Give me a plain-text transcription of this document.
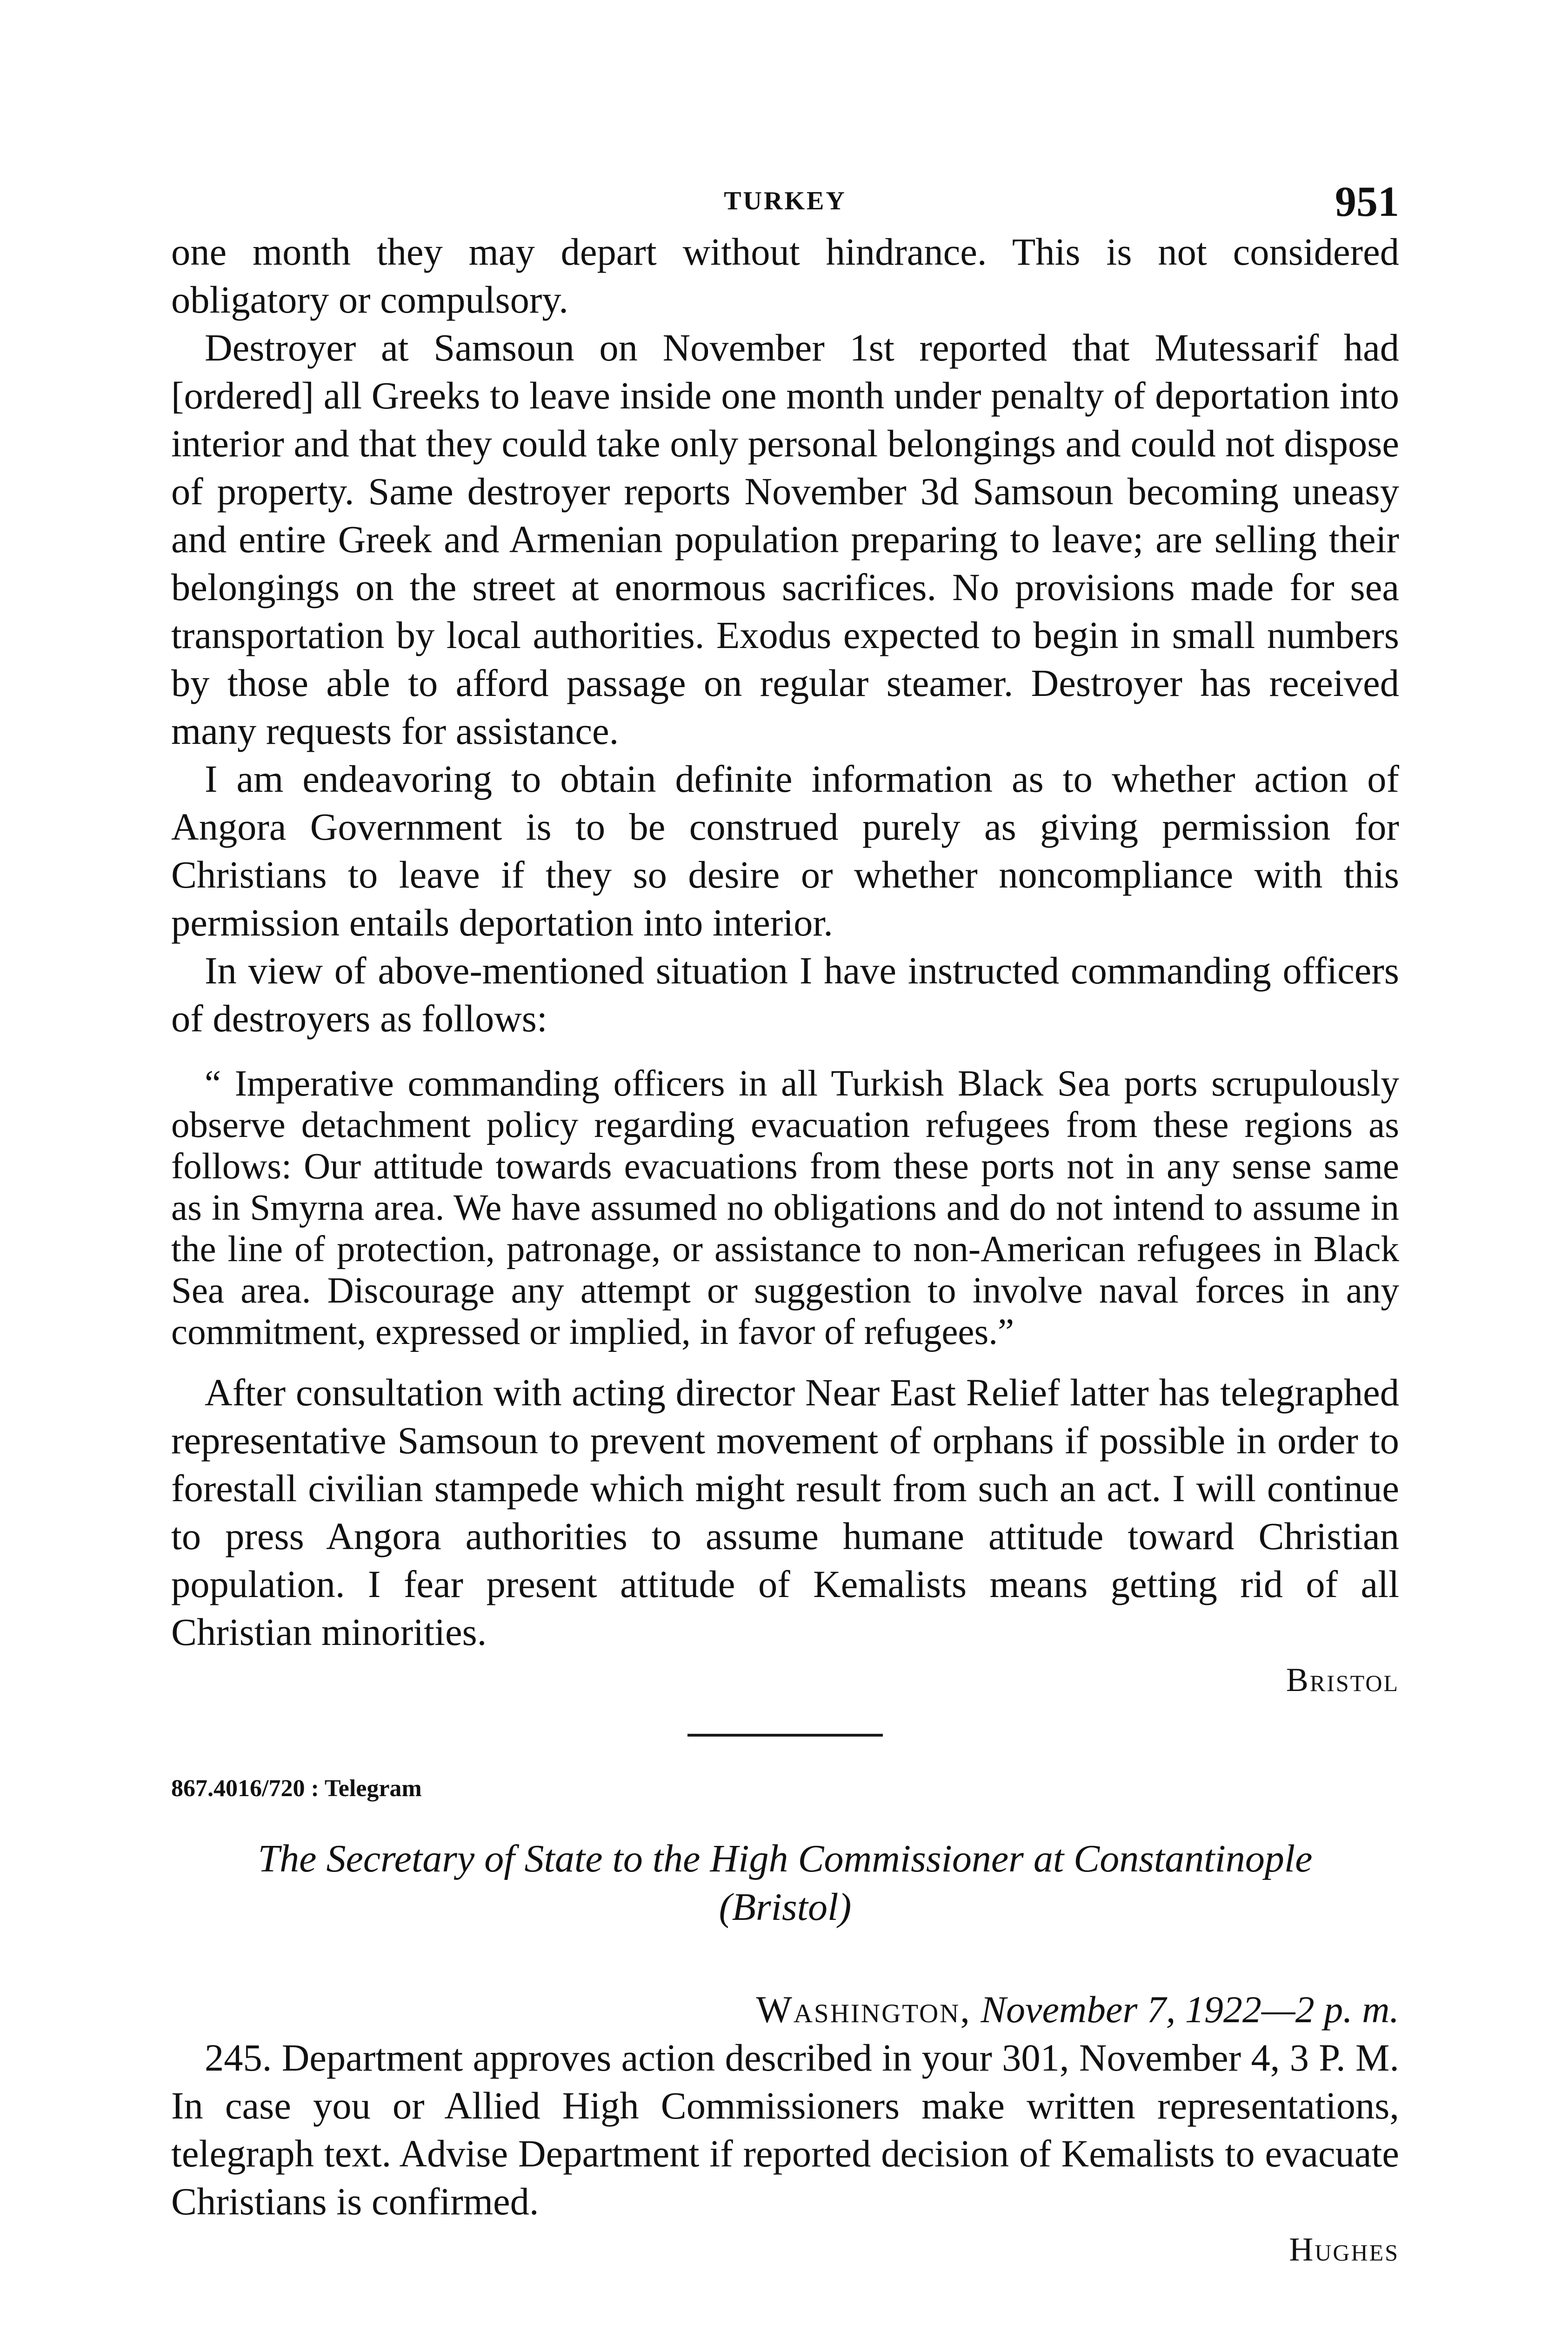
TURKEY	951

one month they may depart without hindrance. This is not considered obligatory or compulsory.

Destroyer at Samsoun on November 1st reported that Mutessarif had [ordered] all Greeks to leave inside one month under penalty of deportation into interior and that they could take only personal belongings and could not dispose of property. Same destroyer reports November 3d Samsoun becoming uneasy and entire Greek and Armenian population preparing to leave; are selling their belongings on the street at enormous sacrifices. No provisions made for sea transportation by local authorities. Exodus expected to begin in small numbers by those able to afford passage on regular steamer. Destroyer has received many requests for assistance.

I am endeavoring to obtain definite information as to whether action of Angora Government is to be construed purely as giving permission for Christians to leave if they so desire or whether noncompliance with this permission entails deportation into interior.

In view of above-mentioned situation I have instructed commanding officers of destroyers as follows:

“ Imperative commanding officers in all Turkish Black Sea ports scrupulously observe detachment policy regarding evacuation refugees from these regions as follows: Our attitude towards evacuations from these ports not in any sense same as in Smyrna area. We have assumed no obligations and do not intend to assume in the line of protection, patronage, or assistance to non-American refugees in Black Sea area. Discourage any attempt or suggestion to involve naval forces in any commitment, expressed or implied, in favor of refugees.”

After consultation with acting director Near East Relief latter has telegraphed representative Samsoun to prevent movement of orphans if possible in order to forestall civilian stampede which might result from such an act. I will continue to press Angora authorities to assume humane attitude toward Christian population. I fear present attitude of Kemalists means getting rid of all Christian minorities.

Bristol

867.4016/720 : Telegram

The Secretary of State to the High Commissioner at Constantinople
(Bristol)

Washington, November 7, 1922—2 p. m.

245. Department approves action described in your 301, November 4, 3 P. M. In case you or Allied High Commissioners make written representations, telegraph text. Advise Department if reported decision of Kemalists to evacuate Christians is confirmed.

Hughes
